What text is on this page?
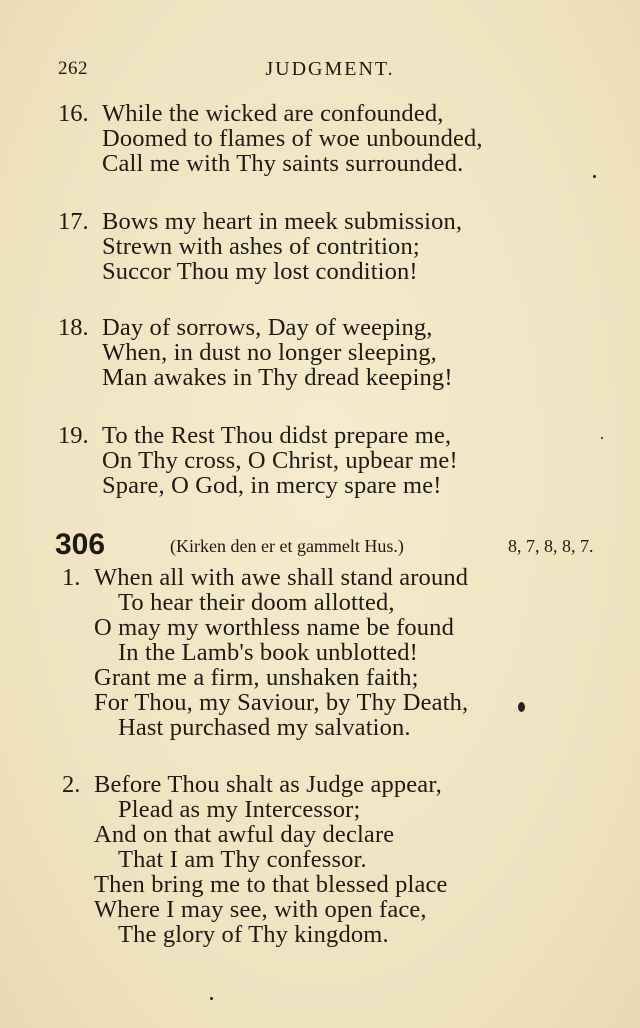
262	JUDGMENT.
16. While the wicked are confounded,
Doomed to flames of woe unbounded,
Call me with Thy saints surrounded.
17. Bows my heart in meek submission,
Strewn with ashes of contrition;
Succor Thou my lost condition!
18. Day of sorrows, Day of weeping,
When, in dust no longer sleeping,
Man awakes in Thy dread keeping!
19. To the Rest Thou didst prepare me,
On Thy cross, O Christ, upbear me!
Spare, O God, in mercy spare me!
306	(Kirken den er et gammelt Hus.)	8, 7, 8, 8, 7.
1. When all with awe shall stand around
To hear their doom allotted,
O may my worthless name be found
In the Lamb's book unblotted!
Grant me a firm, unshaken faith;
For Thou, my Saviour, by Thy Death,
Hast purchased my salvation.
2. Before Thou shalt as Judge appear,
Plead as my Intercessor;
And on that awful day declare
That I am Thy confessor.
Then bring me to that blessed place
Where I may see, with open face,
The glory of Thy kingdom.
